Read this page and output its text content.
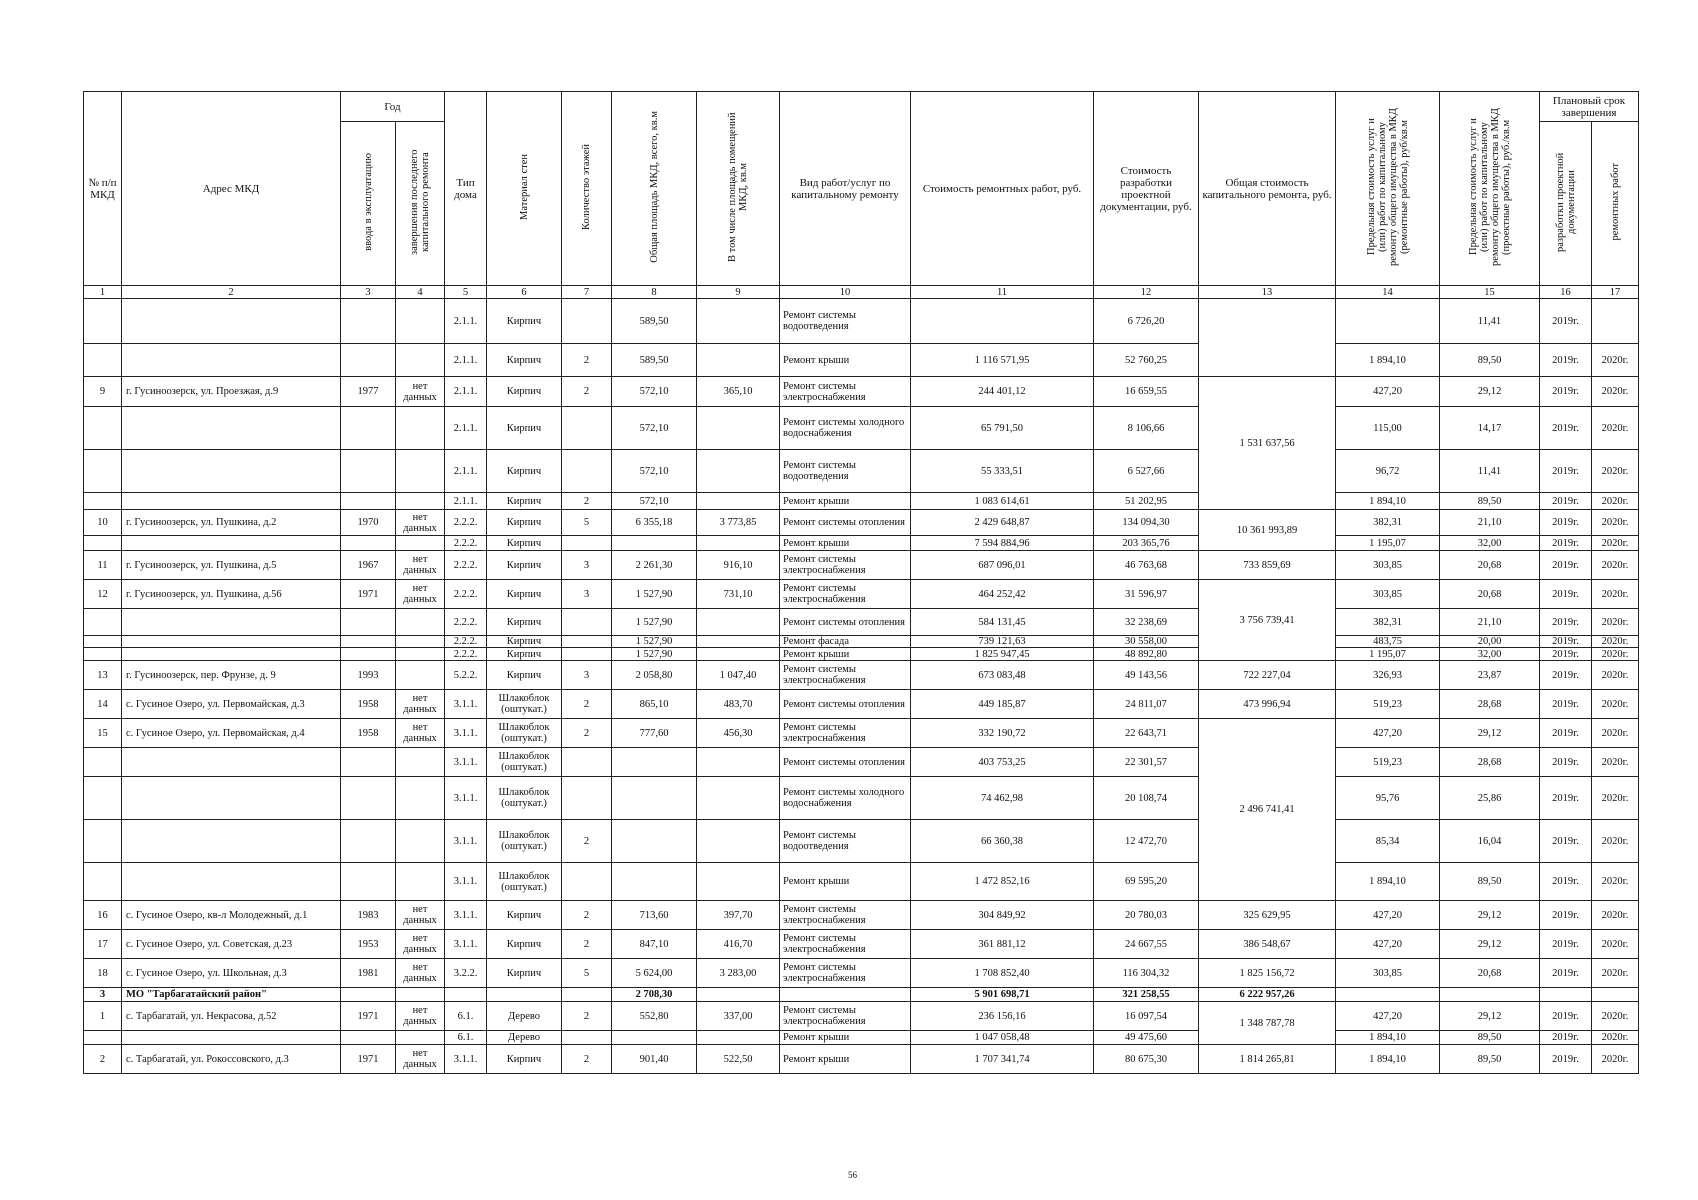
№ п/п МКД	Адрес МКД	Год		Тип дома	Материал стен	Количество этажей	Общая площадь МКД, всего, кв.м	В том числе площадь помещений МКД, кв.м	Вид работ/услуг по капитальному ремонту	Стоимость ремонтных работ, руб.	Стоимость разработки проектной документации, руб.	Общая стоимость капитального ремонта, руб.	Предельная стоимость услуг и (или) работ по капитальному ремонту общего имущества в МКД (ремонтные работы), руб/кв.м	Предельная стоимость услуг и (или) работ по капитальному ремонту общего имущества в МКД (проектные работы), руб./кв.м	Плановый срок завершения	
		ввода в эксплуатацию	завершения последнего капитального ремонта												разработки проектной документации	ремонтных работ
1	2	3	4	5	6	7	8	9	10	11	12	13	14	15	16	17
				2.1.1.	Кирпич		589,50		Ремонт системы водоотведения		6 726,20			11,41	2019г.	
				2.1.1.	Кирпич	2	589,50		Ремонт крыши	1 116 571,95	52 760,25		1 894,10	89,50	2019г.	2020г.
9	г. Гусиноозерск, ул. Проезжая, д.9	1977	нет данных	2.1.1.	Кирпич	2	572,10	365,10	Ремонт системы электроснабжения	244 401,12	16 659,55	1 531 637,56	427,20	29,12	2019г.	2020г.
				2.1.1.	Кирпич		572,10		Ремонт системы холодного водоснабжения	65 791,50	8 106,66		115,00	14,17	2019г.	2020г.
				2.1.1.	Кирпич		572,10		Ремонт системы водоотведения	55 333,51	6 527,66		96,72	11,41	2019г.	2020г.
				2.1.1.	Кирпич	2	572,10		Ремонт крыши	1 083 614,61	51 202,95		1 894,10	89,50	2019г.	2020г.
10	г. Гусиноозерск, ул. Пушкина, д.2	1970	нет данных	2.2.2.	Кирпич	5	6 355,18	3 773,85	Ремонт системы отопления	2 429 648,87	134 094,30	10 361 993,89	382,31	21,10	2019г.	2020г.
				2.2.2.	Кирпич				Ремонт крыши	7 594 884,96	203 365,76		1 195,07	32,00	2019г.	2020г.
11	г. Гусиноозерск, ул. Пушкина, д.5	1967	нет данных	2.2.2.	Кирпич	3	2 261,30	916,10	Ремонт системы электроснабжения	687 096,01	46 763,68	733 859,69	303,85	20,68	2019г.	2020г.
12	г. Гусиноозерск, ул. Пушкина, д.56	1971	нет данных	2.2.2.	Кирпич	3	1 527,90	731,10	Ремонт системы электроснабжения	464 252,42	31 596,97	3 756 739,41	303,85	20,68	2019г.	2020г.
				2.2.2.	Кирпич		1 527,90		Ремонт системы отопления	584 131,45	32 238,69		382,31	21,10	2019г.	2020г.
				2.2.2.	Кирпич		1 527,90		Ремонт фасада	739 121,63	30 558,00		483,75	20,00	2019г.	2020г.
				2.2.2.	Кирпич		1 527,90		Ремонт крыши	1 825 947,45	48 892,80		1 195,07	32,00	2019г.	2020г.
13	г. Гусиноозерск, пер. Фрунзе, д. 9	1993		5.2.2.	Кирпич	3	2 058,80	1 047,40	Ремонт системы электроснабжения	673 083,48	49 143,56	722 227,04	326,93	23,87	2019г.	2020г.
14	с. Гусиное Озеро, ул. Первомайская, д.3	1958	нет данных	3.1.1.	Шлакоблок (оштукат.)	2	865,10	483,70	Ремонт системы отопления	449 185,87	24 811,07	473 996,94	519,23	28,68	2019г.	2020г.
15	с. Гусиное Озеро, ул. Первомайская, д.4	1958	нет данных	3.1.1.	Шлакоблок (оштукат.)	2	777,60	456,30	Ремонт системы электроснабжения	332 190,72	22 643,71	2 496 741,41	427,20	29,12	2019г.	2020г.
				3.1.1.	Шлакоблок (оштукат.)				Ремонт системы отопления	403 753,25	22 301,57		519,23	28,68	2019г.	2020г.
				3.1.1.	Шлакоблок (оштукат.)				Ремонт системы холодного водоснабжения	74 462,98	20 108,74		95,76	25,86	2019г.	2020г.
				3.1.1.	Шлакоблок (оштукат.)	2			Ремонт системы водоотведения	66 360,38	12 472,70		85,34	16,04	2019г.	2020г.
				3.1.1.	Шлакоблок (оштукат.)				Ремонт крыши	1 472 852,16	69 595,20		1 894,10	89,50	2019г.	2020г.
16	с. Гусиное Озеро, кв-л Молодежный, д.1	1983	нет данных	3.1.1.	Кирпич	2	713,60	397,70	Ремонт системы электроснабжения	304 849,92	20 780,03	325 629,95	427,20	29,12	2019г.	2020г.
17	с. Гусиное Озеро, ул. Советская, д.23	1953	нет данных	3.1.1.	Кирпич	2	847,10	416,70	Ремонт системы электроснабжения	361 881,12	24 667,55	386 548,67	427,20	29,12	2019г.	2020г.
18	с. Гусиное Озеро, ул. Школьная, д.3	1981	нет данных	3.2.2.	Кирпич	5	5 624,00	3 283,00	Ремонт системы электроснабжения	1 708 852,40	116 304,32	1 825 156,72	303,85	20,68	2019г.	2020г.
3	МО "Тарбагатайский район"						2 708,30			5 901 698,71	321 258,55	6 222 957,26				
1	с. Тарбагатай, ул. Некрасова, д.52	1971	нет данных	6.1.	Дерево	2	552,80	337,00	Ремонт системы электроснабжения	236 156,16	16 097,54	1 348 787,78	427,20	29,12	2019г.	2020г.
				6.1.	Дерево				Ремонт крыши	1 047 058,48	49 475,60		1 894,10	89,50	2019г.	2020г.
2	с. Тарбагатай, ул. Рокоссовского, д.3	1971	нет данных	3.1.1.	Кирпич	2	901,40	522,50	Ремонт крыши	1 707 341,74	80 675,30	1 814 265,81	1 894,10	89,50	2019г.	2020г.
56
